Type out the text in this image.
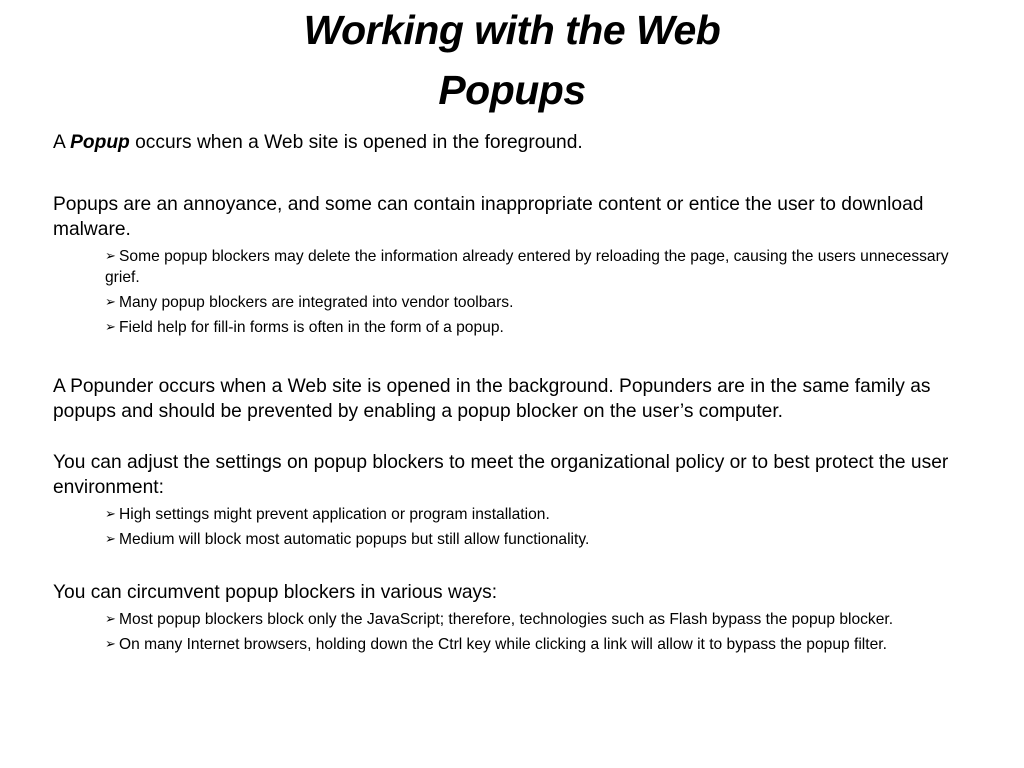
Working with the Web
Popups

A Popup occurs when a Web site is opened in the foreground.

Popups are an annoyance, and some can contain inappropriate content or entice the user to download malware.

➢ Some popup blockers may delete the information already entered by reloading the page, causing the users unnecessary grief.
➢ Many popup blockers are integrated into vendor toolbars.
➢ Field help for fill-in forms is often in the form of a popup.

A Popunder occurs when a Web site is opened in the background. Popunders are in the same family as popups and should be prevented by enabling a popup blocker on the user’s computer.

You can adjust the settings on popup blockers to meet the organizational policy or to best protect the user environment:

➢ High settings might prevent application or program installation.
➢ Medium will block most automatic popups but still allow functionality.

You can circumvent popup blockers in various ways:

➢ Most popup blockers block only the JavaScript; therefore, technologies such as Flash bypass the popup blocker.
➢ On many Internet browsers, holding down the Ctrl key while clicking a link will allow it to bypass the popup filter.
